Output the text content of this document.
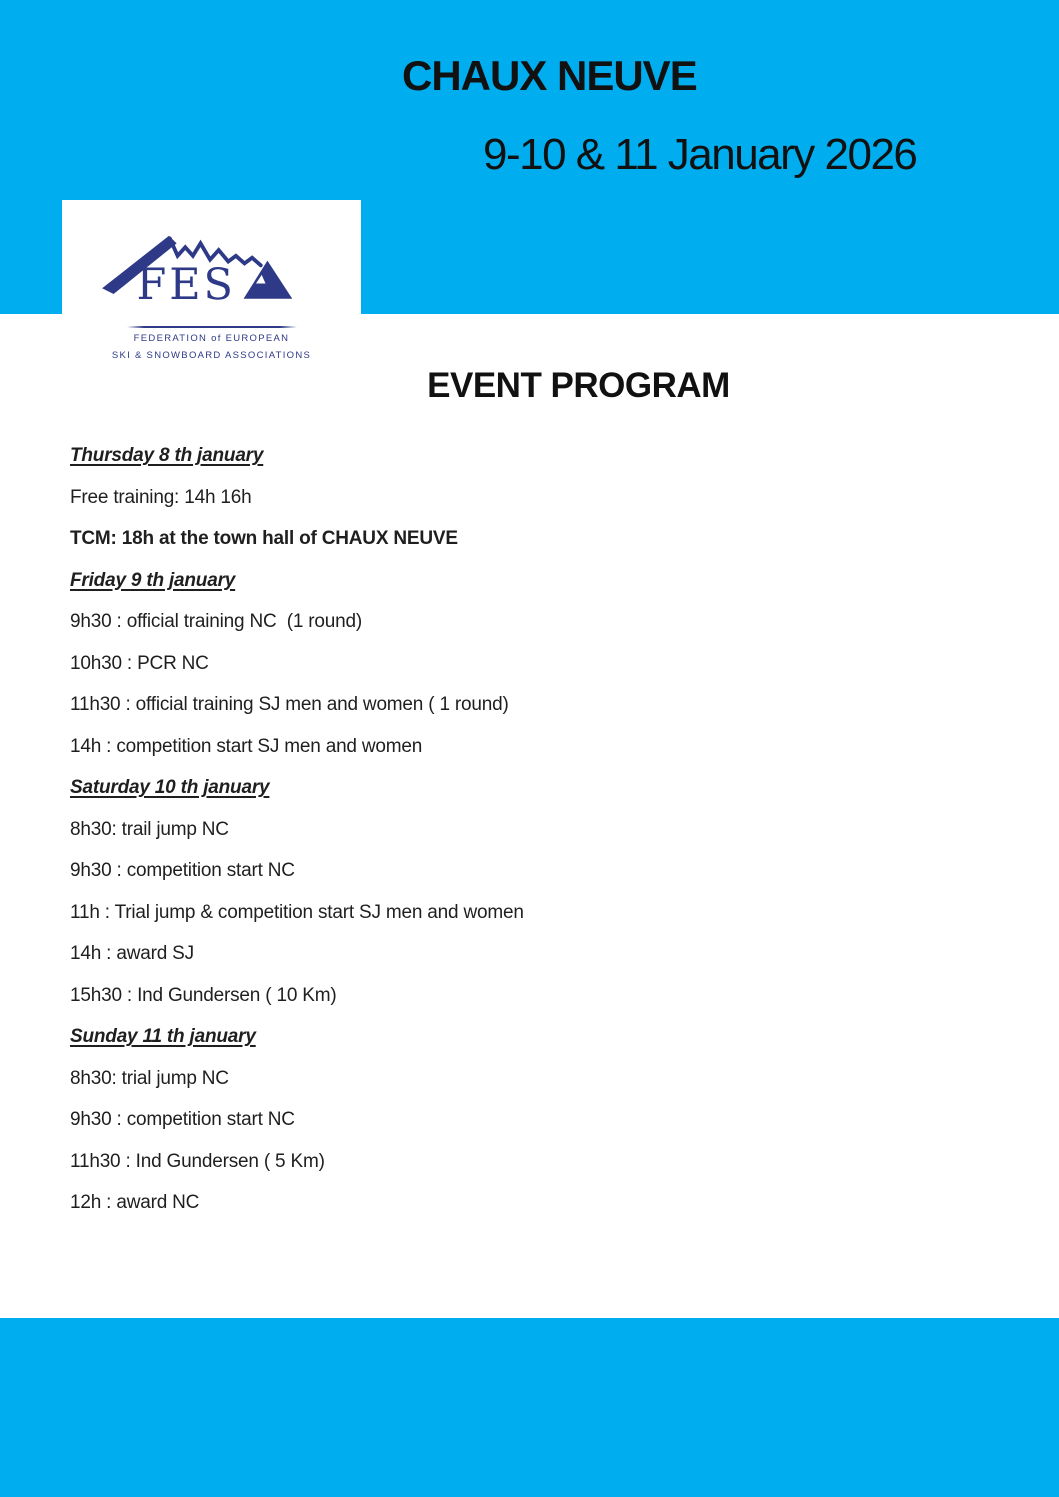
CHAUX NEUVE
9-10 & 11 January 2026
FES
FEDERATION of EUROPEAN
SKI & SNOWBOARD ASSOCIATIONS
EVENT PROGRAM

Thursday 8 th january

Free training: 14h 16h

TCM: 18h at the town hall of CHAUX NEUVE

Friday 9 th january

9h30 : official training NC  (1 round)

10h30 : PCR NC

11h30 : official training SJ men and women ( 1 round)

14h : competition start SJ men and women

Saturday 10 th january

8h30: trail jump NC

9h30 : competition start NC

11h : Trial jump & competition start SJ men and women

14h : award SJ

15h30 : Ind Gundersen ( 10 Km)

Sunday 11 th january

8h30: trial jump NC

9h30 : competition start NC

11h30 : Ind Gundersen ( 5 Km)

12h : award NC
